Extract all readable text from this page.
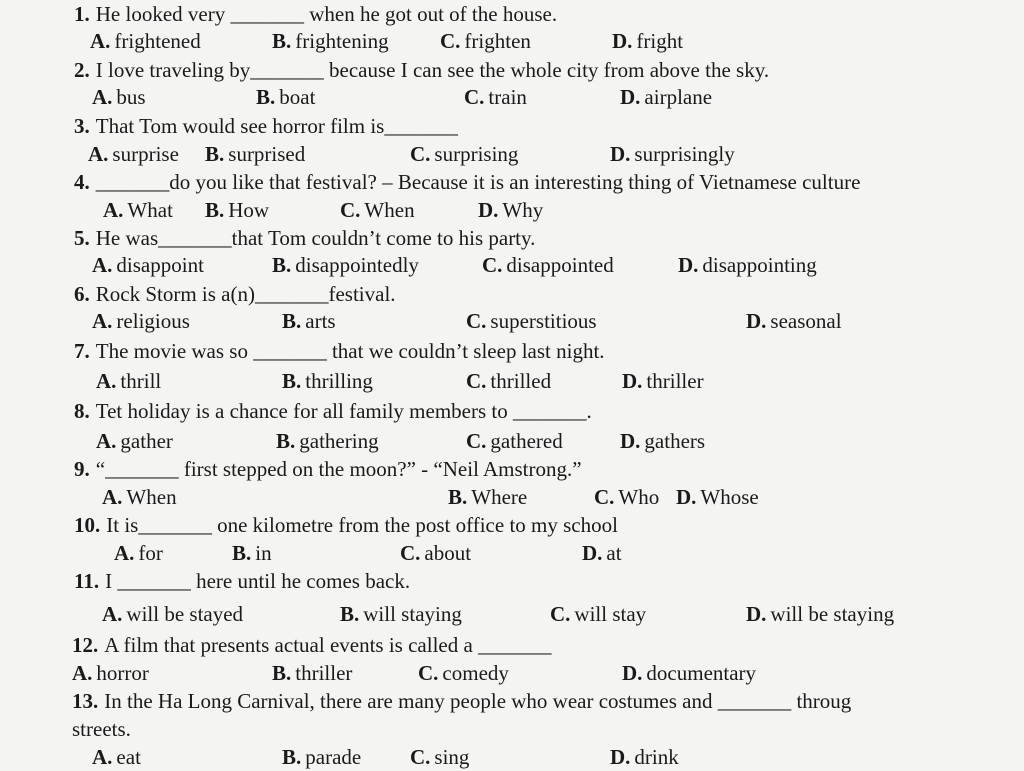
1. He looked very _______ when he got out of the house.
A. frightened	B. frightening C. frighten	D. fright
2. I love traveling by_______ because I can see the whole city from above the sky.
A. bus	B. boat	C. train	D. airplane
3. That Tom would see horror film is_______
A. surprise B. surprised	C. surprising	D. surprisingly
4. _______do you like that festival? – Because it is an interesting thing of Vietnamese culture
A. What B. How	C. When	D. Why
5. He was_______that Tom couldn’t come to his party.
A. disappoint	B. disappointedly	C. disappointed	D. disappointing
6. Rock Storm is a(n)_______festival.
A. religious	B. arts	C. superstitious	D. seasonal
7. The movie was so _______ that we couldn’t sleep last night.
A. thrill	B. thrilling	C. thrilled	D. thriller
8. Tet holiday is a chance for all family members to _______.
A. gather	B. gathering	C. gathered	D. gathers
9. “_______ first stepped on the moon?” - “Neil Amstrong.”
A. When	B. Where	C. Who D. Whose
10. It is_______ one kilometre from the post office to my school
A. for	B. in	C. about	D. at
11. I _______ here until he comes back.
A. will be stayed	B. will staying	C. will stay	D. will be staying
12. A film that presents actual events is called a _______
A. horror	B. thriller	C. comedy	D. documentary
13. In the Ha Long Carnival, there are many people who wear costumes and _______ throug
streets.
A. eat	B. parade C. sing	D. drink
